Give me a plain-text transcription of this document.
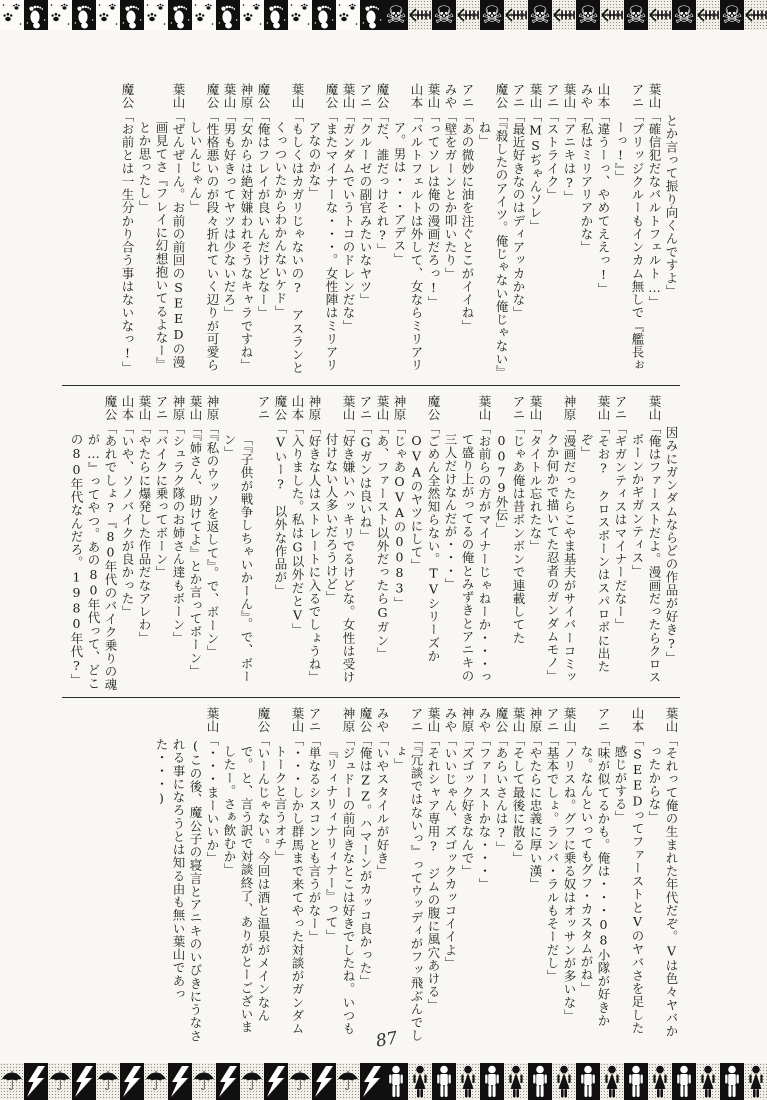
☠ ☠ ☠ ☠ ☠ ☠ ☠ ☠

とか言って振り向くんですよ」

葉山「確信犯だなバルトフェルト…」

アニ「ブリッジクルーもインカム無しで『艦長ぉーっ!』」

山本「違うーっ、やめてええっ!」

みや「私はミリアリアかな」

葉山「アニキは?」

アニ「ストライク」

葉山「MSぢゃんソレ」

アニ「最近好きなのはディアッカかな」

魔公「『殺したのアイツ。俺じゃない俺じゃない』ね」

アニ「あの微妙に油を注ぐとこがイイね」

みや「壁をガーンとか叩いたり」

葉山「ってソレは俺の漫画だろっ!」

山本「バルトフェルトは外して、女ならミリアリア。男は・・・アデス」

魔公「だ、誰だっけそれ?」

アニ「クルーゼの副官みたいなヤツ」

葉山「ガンダムでいうトコのドレンだな」

魔公「またマイナーな・・・。女性陣はミリアリアなのかな」

葉山「もしくはカガリじゃないの?　アスランとくっついたからわかんないケド」

魔公「俺はフレイが良いんだけどなー」

神原「女からは絶対嫌われそうなキャラですね」

葉山「男も好きってヤツは少ないだろ」

魔公「性格悪いのが段々折れていく辺りが可愛らしいんじゃん」

葉山「ぜんぜーん。お前の前回のSEEDの漫画見てさ『フレイに幻想抱いてるよなー』とか思ったし」

魔公「お前とは一生分かり合う事はないなっ!」

因みにガンダムならどの作品が好き?」

葉山「俺はファーストだよ。漫画だったらクロスボーンかギガンティス」

アニ「ギガンティスはマイナーだなー」

葉山「そお?　クロスボーンはスパロボに出たぞ」

神原「漫画だったらこやま基夫がサイバーコミックか何かで描いてた忍者のガンダムモノ」

葉山「タイトル忘れたな」

アニ「じゃあ俺は昔ボンボンで連載してた0079外伝」

葉山「お前らの方がマイナーじゃねーか・・・って盛り上がってるの俺とみずきとアニキの三人だけなんだが・・・」

魔公「ごめん全然知らない。TVシリーズかOVAのヤツにして」

神原「じゃあOVAの0083」

葉山「あ、ファースト以外だったらGガン」

アニ「Gガンは良いね」

葉山「好き嫌いハッキリでるけどな。女性は受け付けない人多いだろうけど」

神原「好きな人はストレートに入るでしょうね」

山本「入りました。私はG以外だとV」

魔公「Vいー?　以外な作品が」

アニ「『子供が戦争しちゃいかーん』。で、ボーン」

神原「『私のウッソを返して』。で、ボーン」

葉山「『姉さん、助けてよ』とか言ってボーン」

神原「シュラク隊のお姉さん達もボーン」

アニ「バイクに乗ってボーン」

葉山「やたらに爆発した作品だなアレわ」

山本「いや、ソノバイクが良かった」

魔公「あれでしょ?『80年代のバイク乗りの魂が…』ってやつ。あの80年代って、どこの80年代なんだろ。1980年代?」

葉山「それって俺の生まれた年代だぞ。Vは色々ヤバかったからな」

山本「SEEDってファーストとVのヤバさを足した感じがする」

アニ「味が似てるかも。俺は・・・08小隊が好きかな。なんといってもグフ・カスタムがね」

葉山「ノリスね。グフに乗る奴はオッサンが多いな」

アニ「基本でしょ。ランバ・ラルもそーだし」

神原「やたらに忠義に厚い漢」

葉山「そして最後に散る」

魔公「あらいさんは?」

みや「ファーストかな・・・」

神原「ズゴック好きなんで」

みや「いいじゃん、ズゴックカッコイイよ」

葉山「それシャア専用?　ジムの腹に風穴あける」

アニ「『冗談ではないっ』ってウッディがフッ飛ぶんでしょ」

みや「いやスタイルが好き」

魔公「俺はZZ。ハマーンがカッコ良かった」

神原「ジュドーの前向きなとこは好きでしたね。いつも『リィナリィナリィナー』って」

アニ「単なるシスコンとも言うがなー」

葉山「・・・しかし群馬まで来てやった対談がガンダムトークと言うオチ」

魔公「いーんじゃない。今回は酒と温泉がメインなんで。と、言う訳で対談終了、ありがとーございましたー。さぁ飲むか」

葉山「・・・まーいいか」

(この後、魔公子の寝言とアニキのいびきにうなされる事になろうとは知る由も無い葉山であった・・・)

87
☂ ☂ ☂ ☂ ☂ ☂ ☂ ☂
